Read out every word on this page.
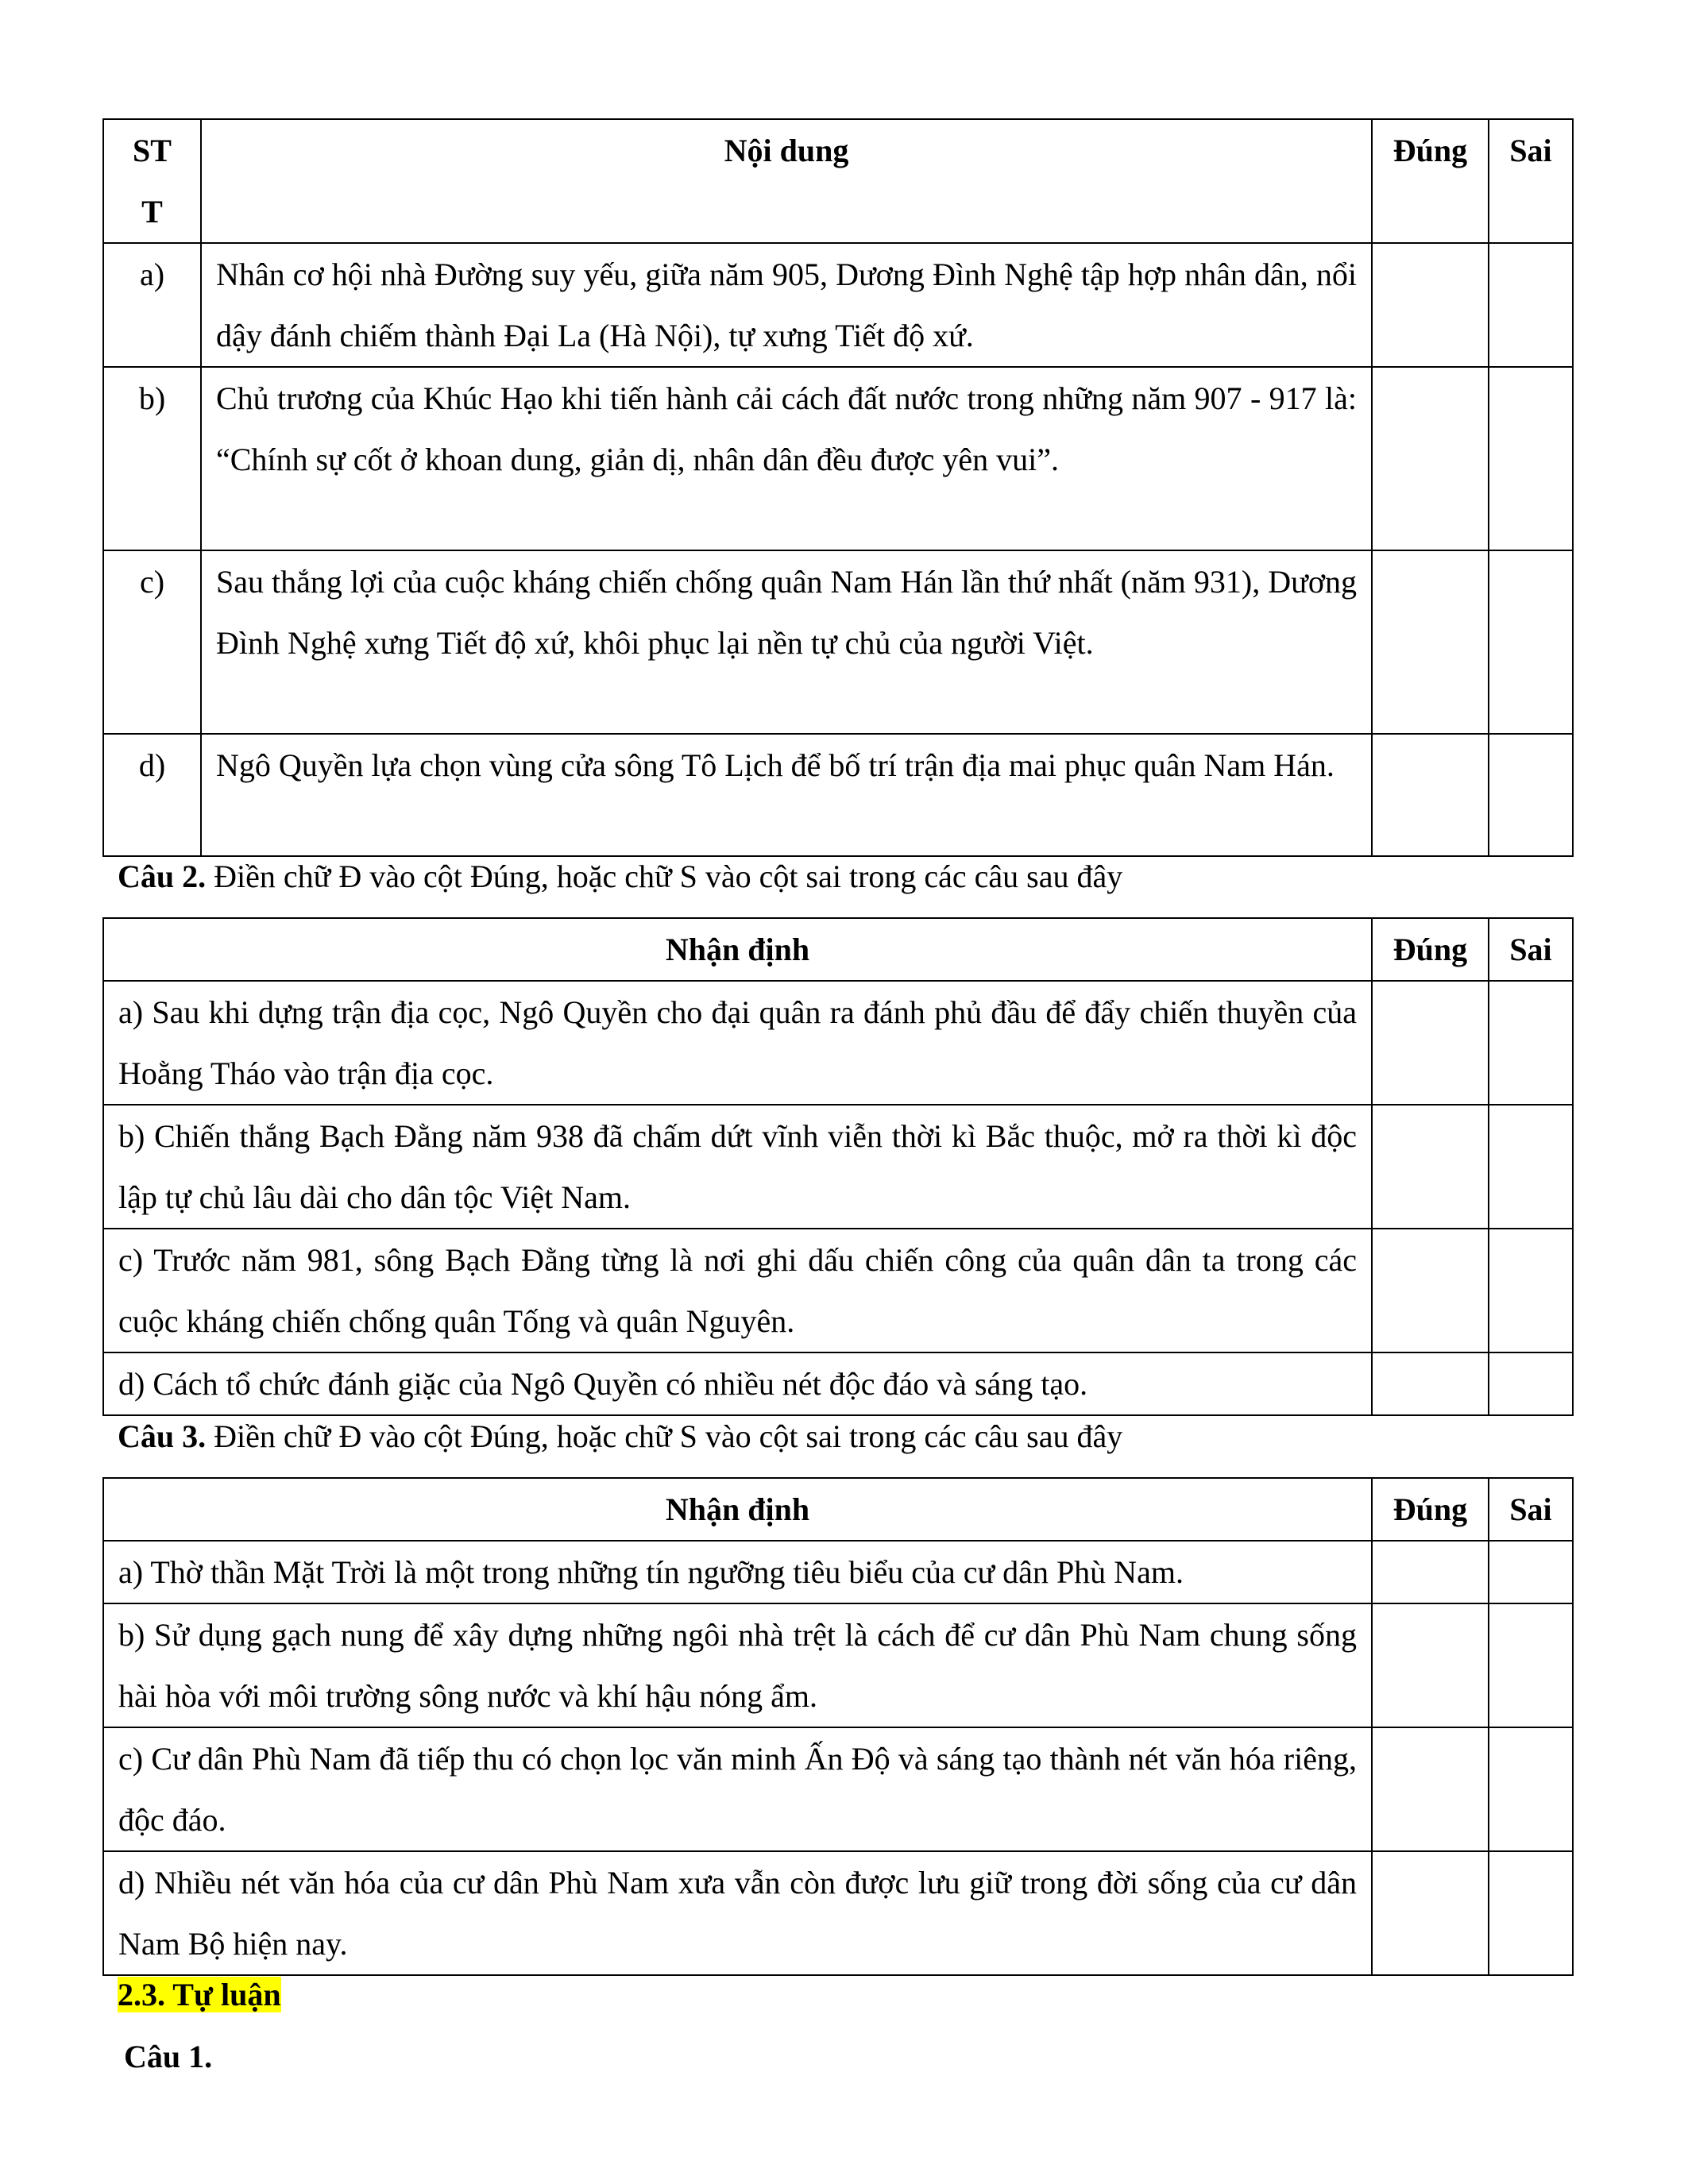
ST T	Nội dung	Đúng	Sai
a)	Nhân cơ hội nhà Đường suy yếu, giữa năm 905, Dương Đình Nghệ tập hợp nhân dân, nổi dậy đánh chiếm thành Đại La (Hà Nội), tự xưng Tiết độ xứ.		
b)	Chủ trương của Khúc Hạo khi tiến hành cải cách đất nước trong những năm 907 - 917 là: “Chính sự cốt ở khoan dung, giản dị, nhân dân đều được yên vui”.		
c)	Sau thắng lợi của cuộc kháng chiến chống quân Nam Hán lần thứ nhất (năm 931), Dương Đình Nghệ xưng Tiết độ xứ, khôi phục lại nền tự chủ của người Việt.		
d)	Ngô Quyền lựa chọn vùng cửa sông Tô Lịch để bố trí trận địa mai phục quân Nam Hán.		
Câu 2. Điền chữ Đ vào cột Đúng, hoặc chữ S vào cột sai trong các câu sau đây
Nhận định	Đúng	Sai
a) Sau khi dựng trận địa cọc, Ngô Quyền cho đại quân ra đánh phủ đầu để đẩy chiến thuyền của Hoằng Tháo vào trận địa cọc.		
b) Chiến thắng Bạch Đằng năm 938 đã chấm dứt vĩnh viễn thời kì Bắc thuộc, mở ra thời kì độc lập tự chủ lâu dài cho dân tộc Việt Nam.		
c) Trước năm 981, sông Bạch Đằng từng là nơi ghi dấu chiến công của quân dân ta trong các cuộc kháng chiến chống quân Tống và quân Nguyên.		
d) Cách tổ chức đánh giặc của Ngô Quyền có nhiều nét độc đáo và sáng tạo.		
Câu 3. Điền chữ Đ vào cột Đúng, hoặc chữ S vào cột sai trong các câu sau đây
Nhận định	Đúng	Sai
a) Thờ thần Mặt Trời là một trong những tín ngưỡng tiêu biểu của cư dân Phù Nam.		
b) Sử dụng gạch nung để xây dựng những ngôi nhà trệt là cách để cư dân Phù Nam chung sống hài hòa với môi trường sông nước và khí hậu nóng ẩm.		
c) Cư dân Phù Nam đã tiếp thu có chọn lọc văn minh Ấn Độ và sáng tạo thành nét văn hóa riêng, độc đáo.		
d) Nhiều nét văn hóa của cư dân Phù Nam xưa vẫn còn được lưu giữ trong đời sống của cư dân Nam Bộ hiện nay.		
2.3. Tự luận
Câu 1.
